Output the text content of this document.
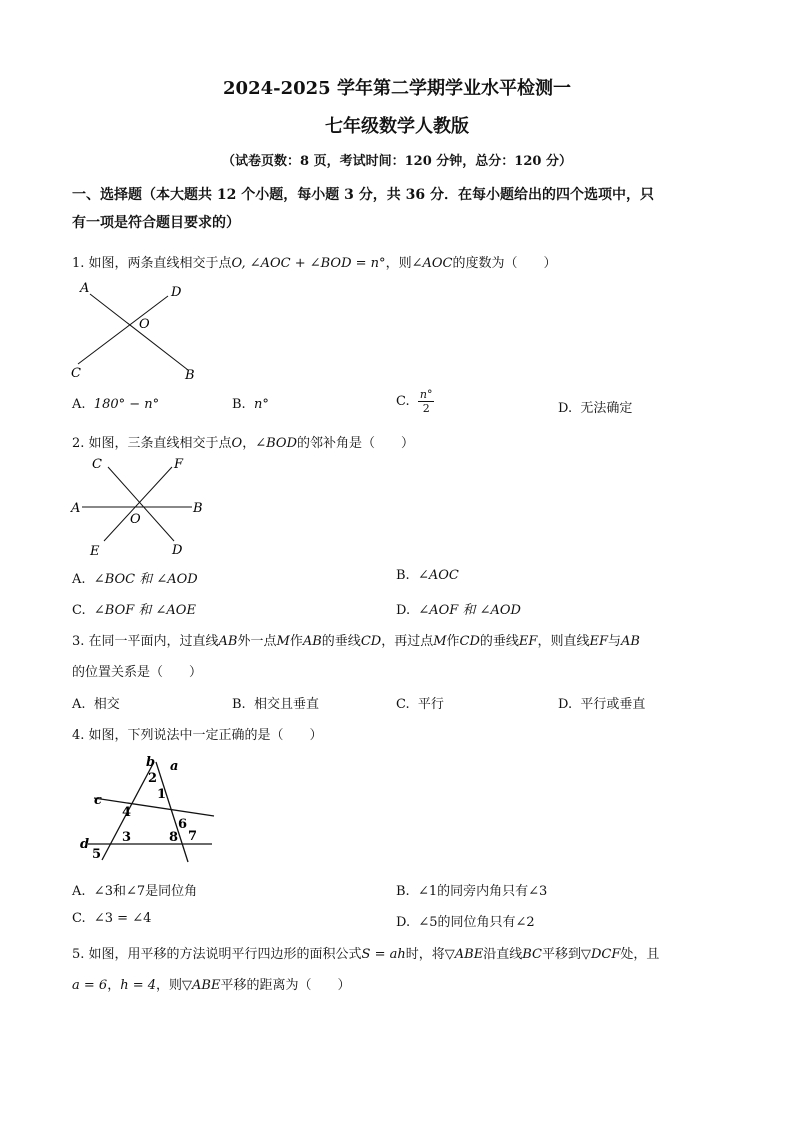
2024-2025 学年第二学期学业水平检测一
七年级数学人教版
（试卷页数：8 页，考试时间：120 分钟，总分：120 分）
一、选择题（本大题共 12 个小题，每小题 3 分，共 36 分．在每小题给出的四个选项中，只
有一项是符合题目要求的）
1. 如图，两条直线相交于点O, ∠AOC + ∠BOD = n°，则∠AOC的度数为（　　）
A	D
O
C	B
A. 180° − n°	B. n°	C. $\frac{n^\circ}{2}$	D. 无法确定
2. 如图，三条直线相交于点O，∠BOD的邻补角是（　　）
C	F
A
O
B
E	D
A. ∠BOC 和 ∠AOD	B. ∠AOC
C. ∠BOF 和 ∠AOE	D. ∠AOF 和 ∠AOD
3. 在同一平面内，过直线AB外一点M作AB的垂线CD，再过点M作CD的垂线EF，则直线EF与AB
的位置关系是（　　）
A. 相交	B. 相交且垂直	C. 平行	D. 平行或垂直
4. 如图，下列说法中一定正确的是（　　）
b a
2
1
c
4
6
3	8 7
d
5
A. ∠3和∠7是同位角	B. ∠1的同旁内角只有∠3
C. ∠3 = ∠4	D. ∠5的同位角只有∠2
5. 如图，用平移的方法说明平行四边形的面积公式S = ah时，将▽ABE沿直线BC平移到▽DCF处，且
a = 6，h = 4，则▽ABE平移的距离为（　　）
